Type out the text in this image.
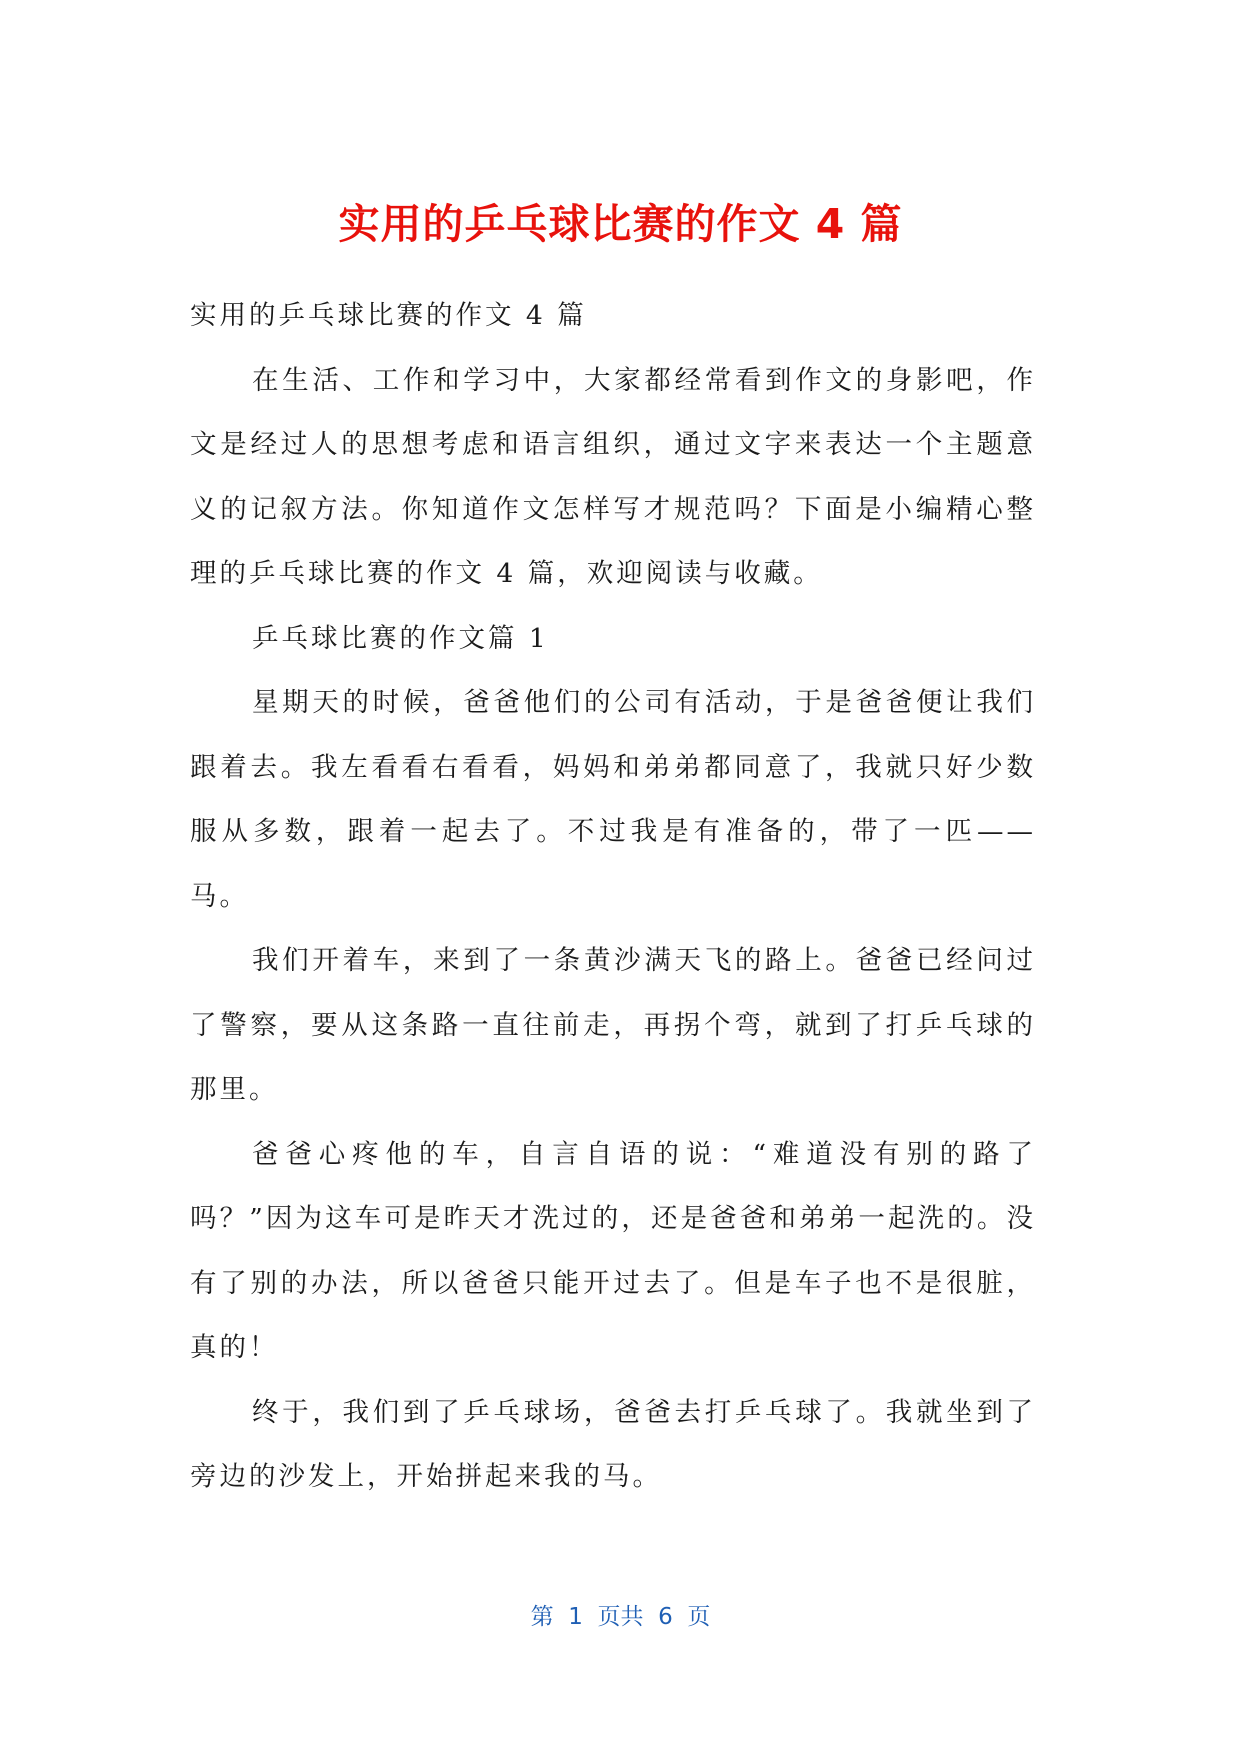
实用的乒乓球比赛的作文 4 篇

实用的乒乓球比赛的作文 4 篇

在生活、工作和学习中，大家都经常看到作文的身影吧，作文是经过人的思想考虑和语言组织，通过文字来表达一个主题意义的记叙方法。你知道作文怎样写才规范吗？下面是小编精心整理的乒乓球比赛的作文 4 篇，欢迎阅读与收藏。

乒乓球比赛的作文篇 1

星期天的时候，爸爸他们的公司有活动，于是爸爸便让我们跟着去。我左看看右看看，妈妈和弟弟都同意了，我就只好少数服从多数，跟着一起去了。不过我是有准备的，带了一匹——马。

我们开着车，来到了一条黄沙满天飞的路上。爸爸已经问过了警察，要从这条路一直往前走，再拐个弯，就到了打乒乓球的那里。

爸爸心疼他的车，自言自语的说：“难道没有别的路了吗？”因为这车可是昨天才洗过的，还是爸爸和弟弟一起洗的。没有了别的办法，所以爸爸只能开过去了。但是车子也不是很脏，真的！

终于，我们到了乒乓球场，爸爸去打乒乓球了。我就坐到了旁边的沙发上，开始拼起来我的马。

第  1  页共  6  页
